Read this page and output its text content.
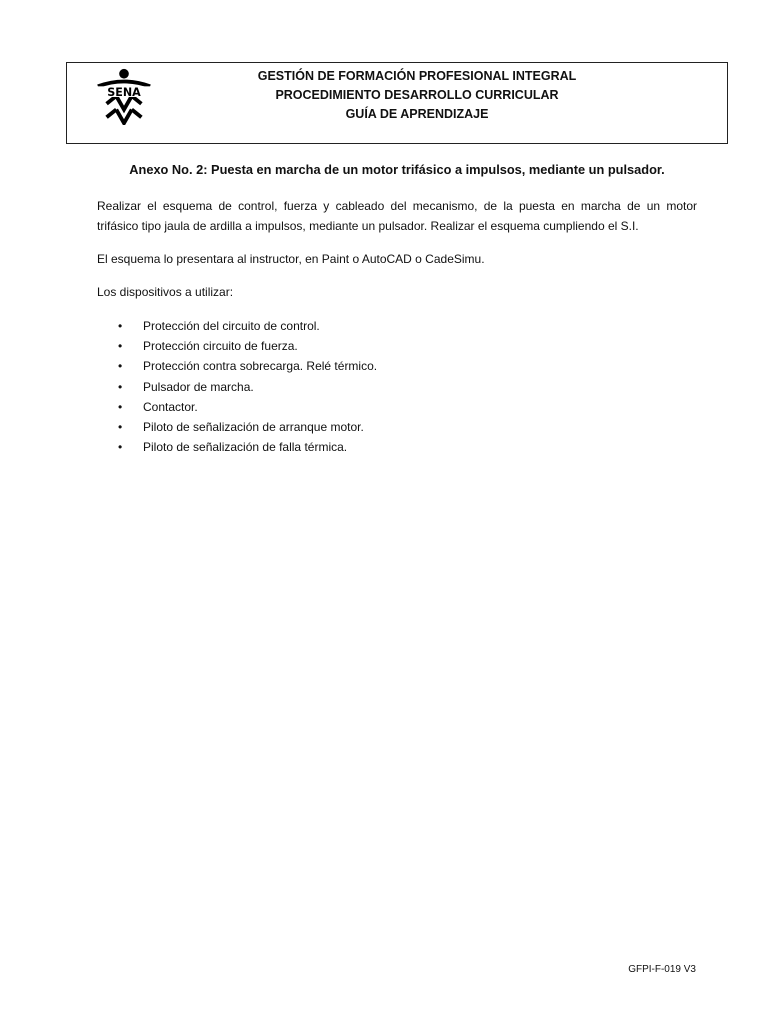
SENA
GESTIÓN DE FORMACIÓN PROFESIONAL INTEGRAL
PROCEDIMIENTO DESARROLLO CURRICULAR
GUÍA DE APRENDIZAJE
Anexo No. 2: Puesta en marcha de un motor trifásico a impulsos, mediante un pulsador.
Realizar el esquema de control, fuerza y cableado del mecanismo, de la puesta en marcha de un motor
trifásico tipo jaula de ardilla a impulsos, mediante un pulsador. Realizar el esquema cumpliendo el S.I.
El esquema lo presentara al instructor, en Paint o AutoCAD o CadeSimu.
Los dispositivos a utilizar:
• Protección del circuito de control.
• Protección circuito de fuerza.
• Protección contra sobrecarga. Relé térmico.
• Pulsador de marcha.
• Contactor.
• Piloto de señalización de arranque motor.
• Piloto de señalización de falla térmica.
GFPI-F-019 V3
